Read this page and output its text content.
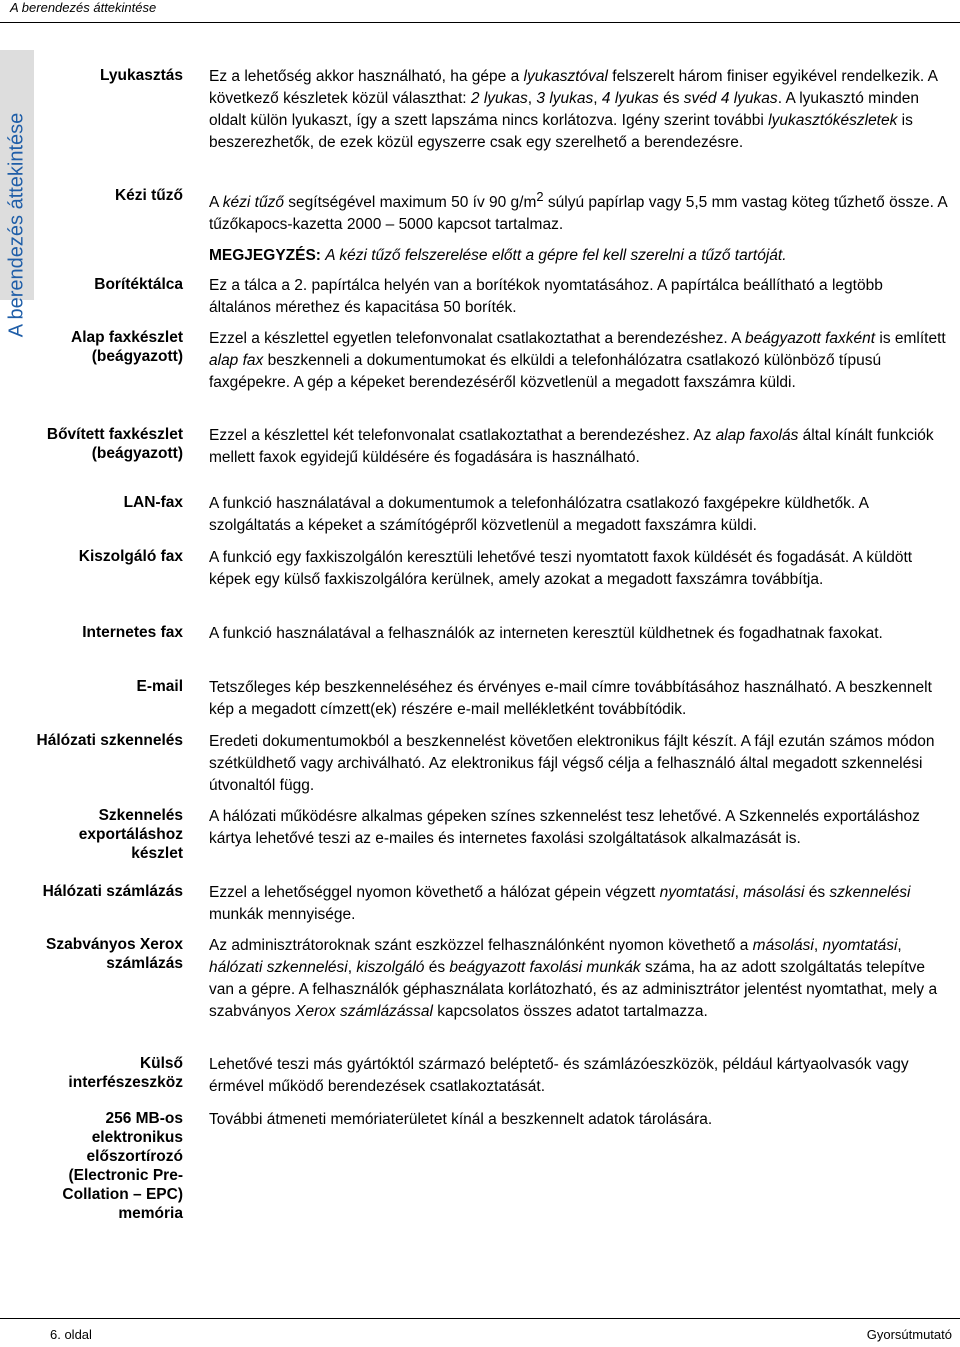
A berendezés áttekintése
A berendezés áttekintése
Lyukasztás Ez a lehetőség akkor használható, ha gépe a lyukasztóval felszerelt három finiser egyikével rendelkezik. A következő készletek közül választhat: 2 lyukas, 3 lyukas, 4 lyukas és svéd 4 lyukas. A lyukasztó minden oldalt külön lyukaszt, így a szett lapszáma nincs korlátozva. Igény szerint további lyukasztókészletek is beszerezhetők, de ezek közül egyszerre csak egy szerelhető a berendezésre.
Kézi tűző A kézi tűző segítségével maximum 50 ív 90 $g/m^2$ súlyú papírlap vagy 5,5 mm vastag köteg tűzhető össze. A tűzőkapocs-kazetta 2000 – 5000 kapcsot tartalmaz.
MEGJEGYZÉS: A kézi tűző felszerelése előtt a gépre fel kell szerelni a tűző tartóját.
Borítéktálca Ez a tálca a 2. papírtálca helyén van a borítékok nyomtatásához. A papírtálca beállítható a legtöbb általános mérethez és kapacitása 50 boríték.
Alap faxkészlet (beágyazott)
Ezzel a készlettel egyetlen telefonvonalat csatlakoztathat a berendezéshez. A beágyazott faxként is említett alap fax beszkenneli a dokumentumokat és elküldi a telefonhálózatra csatlakozó különböző típusú faxgépekre. A gép a képeket berendezéséről közvetlenül a megadott faxszámra küldi.
Bővített faxkészlet (beágyazott)
Ezzel a készlettel két telefonvonalat csatlakoztathat a berendezéshez. Az alap faxolás által kínált funkciók mellett faxok egyidejű küldésére és fogadására is használható.
LAN-fax A funkció használatával a dokumentumok a telefonhálózatra csatlakozó faxgépekre küldhetők. A szolgáltatás a képeket a számítógépről közvetlenül a megadott faxszámra küldi.
Kiszolgáló fax A funkció egy faxkiszolgálón keresztüli lehetővé teszi nyomtatott faxok küldését és fogadását. A küldött képek egy külső faxkiszolgálóra kerülnek, amely azokat a megadott faxszámra továbbítja.
Internetes fax A funkció használatával a felhasználók az interneten keresztül küldhetnek és fogadhatnak faxokat.
E-mail Tetszőleges kép beszkenneléséhez és érvényes e-mail címre továbbításához használható. A beszkennelt kép a megadott címzett(ek) részére e-mail mellékletként továbbítódik.
Hálózati szkennelés Eredeti dokumentumokból a beszkennelést követően elektronikus fájlt készít. A fájl ezután számos módon szétküldhető vagy archiválható. Az elektronikus fájl végső célja a felhasználó által megadott szkennelési útvonaltól függ.
Szkennelés exportáláshoz készlet
A hálózati működésre alkalmas gépeken színes szkennelést tesz lehetővé. A Szkennelés exportáláshoz kártya lehetővé teszi az e-mailes és internetes faxolási szolgáltatások alkalmazását is.
Hálózati számlázás Ezzel a lehetőséggel nyomon követhető a hálózat gépein végzett nyomtatási, másolási és szkennelési munkák mennyisége.
Szabványos Xerox számlázás
Az adminisztrátoroknak szánt eszközzel felhasználónként nyomon követhető a másolási, nyomtatási, hálózati szkennelési, kiszolgáló és beágyazott faxolási munkák száma, ha az adott szolgáltatás telepítve van a gépre. A felhasználók géphasználata korlátozható, és az adminisztrátor jelentést nyomtathat, mely a szabványos Xerox számlázással kapcsolatos összes adatot tartalmazza.
Külső interfészeszköz
Lehetővé teszi más gyártóktól származó beléptető- és számlázóeszközök, például kártyaolvasók vagy érmével működő berendezések csatlakoztatását.
256 MB-os elektronikus előszortírozó (Electronic Pre-Collation – EPC) memória
További átmeneti memóriaterületet kínál a beszkennelt adatok tárolására.
6. oldal	Gyorsútmutató
